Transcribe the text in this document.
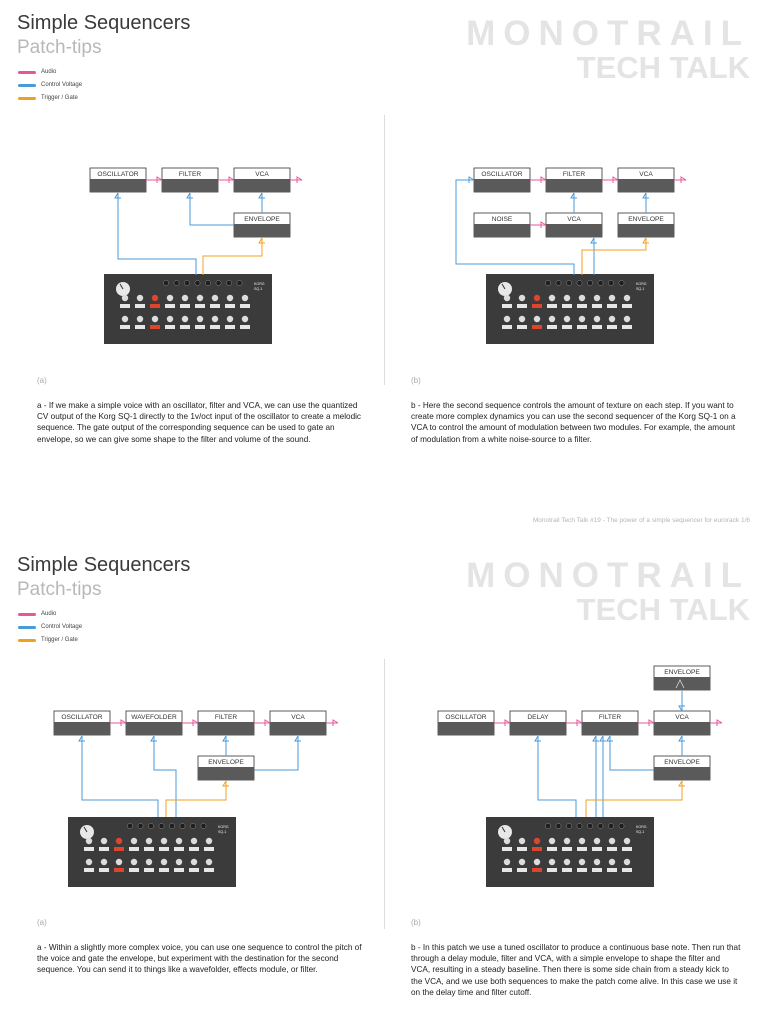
Simple Sequencers
Patch-tips
Audio
Control Voltage
Trigger / Gate
MONOTRAIL
TECH TALK
OSCILLATOR	FILTER	VCA
ENVELOPE
KORG
SQ-1
OSCILLATOR	FILTER	VCA
NOISE	VCA	ENVELOPE
KORG
SQ-1
(a)	(b)
a - If we make a simple voice with an oscillator, filter and VCA, we can use the quantized CV output of the Korg SQ-1 directly to the 1v/oct input of the oscillator to create a melodic sequence. The gate output of the corresponding sequence can be used to gate an envelope, so we can give some shape to the filter and volume of the sound.
b - Here the second sequence controls the amount of texture on each step. If you want to create more complex dynamics you can use the second sequencer of the Korg SQ-1 on a VCA to control the amount of modulation between two modules. For example, the amount of modulation from a white noise-source to a filter.
Monotrail Tech Talk #19 - The power of a simple sequencer for eurorack 1/6
Simple Sequencers
Patch-tips
Audio
Control Voltage
Trigger / Gate
MONOTRAIL
TECH TALK
OSCILLATOR	WAVEFOLDER	FILTER	VCA
ENVELOPE
KORG
SQ-1
OSCILLATOR	DELAY	FILTER	VCA
ENVELOPE
ENVELOPE
KORG
SQ-1
(a)	(b)
a - Within a slightly more complex voice, you can use one sequence to control the pitch of the voice and gate the envelope, but experiment with the destination for the second sequence. You can send it to things like a wavefolder, effects module, or filter.
b - In this patch we use a tuned oscillator to produce a continuous base note. Then run that through a delay module, filter and VCA, with a simple envelope to shape the filter and VCA, resulting in a steady baseline. Then there is some side chain from a steady kick to the VCA, and we use both sequences to make the patch come alive. In this case we use it on the delay time and filter cutoff.
